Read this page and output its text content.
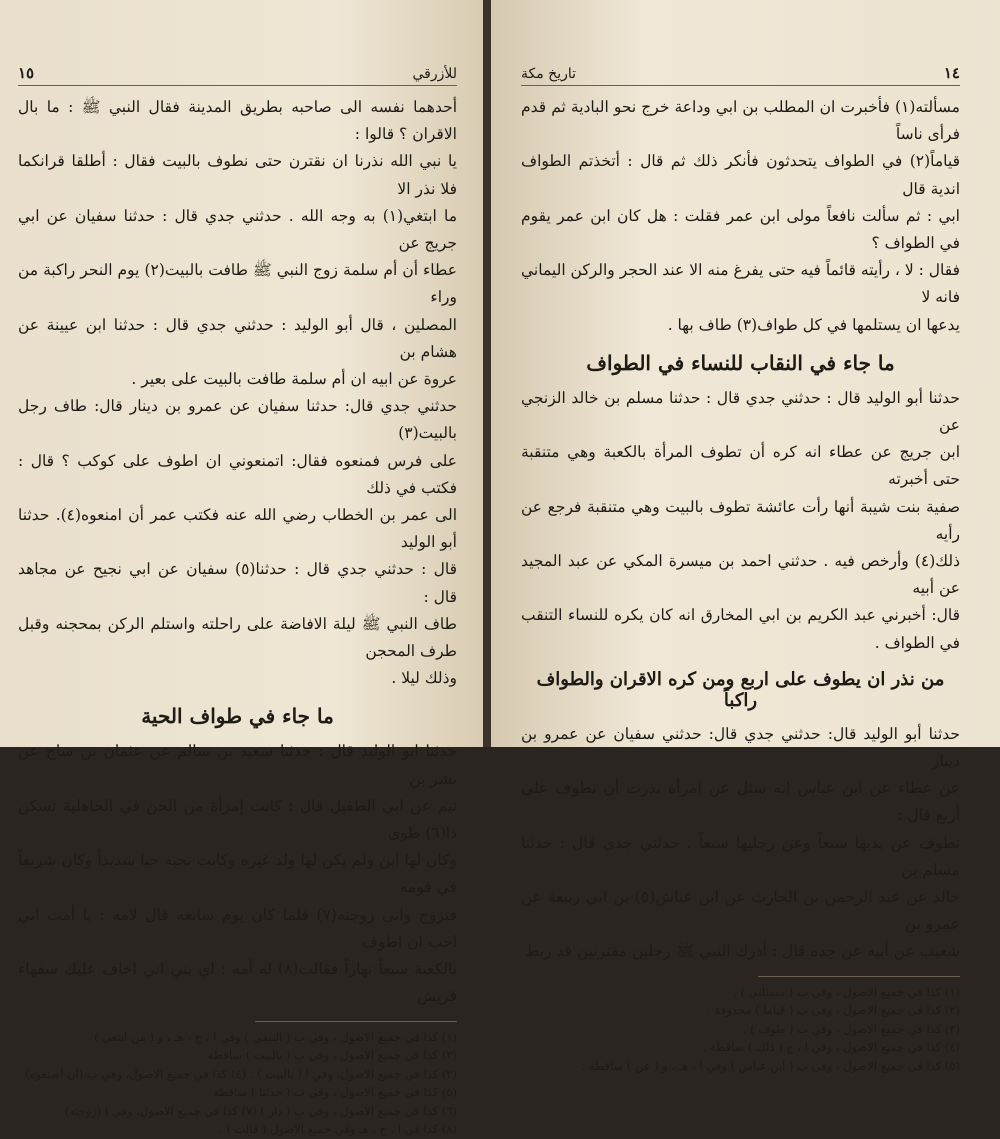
للأزرقي
١٥

أحدهما نفسه الى صاحبه بطريق المدينة فقال النبي ﷺ : ما بال الاقران ؟ قالوا :

يا نبي الله نذرنا ان نقترن حتى نطوف بالبيت فقال : أطلقا قرانكما فلا نذر الا

ما ابتغي(١) به وجه الله . حدثني جدي قال : حدثنا سفيان عن ابي جريج عن

عطاء أن أم سلمة زوج النبي ﷺ طافت بالبيت(٢) يوم النحر راكبة من وراء

المصلين ، قال أبو الوليد : حدثني جدي قال : حدثنا ابن عيينة عن هشام بن

عروة عن ابيه ان أم سلمة طافت بالبيت على بعير .

حدثني جدي قال: حدثنا سفيان عن عمرو بن دينار قال: طاف رجل بالبيت(٣)

على فرس فمنعوه فقال: اتمنعوني ان اطوف على كوكب ؟ قال : فكتب في ذلك

الى عمر بن الخطاب رضي الله عنه فكتب عمر أن امنعوه(٤). حدثنا أبو الوليد

قال : حدثني جدي قال : حدثنا(٥) سفيان عن ابي نجيح عن مجاهد قال :

طاف النبي ﷺ ليلة الافاضة على راحلته واستلم الركن بمحجنه وقبل طرف المحجن

وذلك ليلا .

ما جاء في طواف الحية

حدثنا ابو الوليد قال : حدثنا سعيد بن سالم عن عثمان بن ساج عن بشر بن

تيم عن ابي الطفيل قال : كانت إمرأة من الجن في الجاهلية تسكن ذا(٦) طوى

وكان لها ابن ولم يكن لها ولد غيره وكانت تحبه حبا شديداً وكان شريفاً في قومه

فتزوج واتى زوجته(٧) فلما كان يوم سابعه قال لامه : يا أمت اني احب ان اطوف

بالكعبة سبعاً نهاراً فقالت(٨) له أمه : اي بني اني اخاف عليك سفهاء قريش

(١) كذا في جميع الاصول ، وفي ب ( التيمي ) وفي ا ، ج ، هـ ، و ( من ابتغي )
(٢) كذا في جميع الاصول ، وفي ب ( بالبيت ) ساقطة .
(٣) كذا في جميع الاصول، وفي ا ( بالبيت ) . (٤) كذا في جميع الاصول، وفي ب (أن أصنعوه)
(٥) كذا في جميع الاصول ، وفي ب ( حدثنا ) ساقطة
(٦) كذا في جميع الاصول ، وفي ب ( دار ) (٧) كذا في جميع الاصول، وفي ا (زوجته)
(٨) كذا في ا ، ج ، هـ وفي جميع الاصول ( قالت ) .
١٤
تاريخ مكة

مسألته(١) فأخبرت ان المطلب بن ابي وداعة خرج نحو البادية ثم قدم فرأى ناساً

قياماً(٢) في الطواف يتحدثون فأنكر ذلك ثم قال : أتخذتم الطواف اندية قال

ابي : ثم سألت نافعاً مولى ابن عمر فقلت : هل كان ابن عمر يقوم في الطواف ؟

فقال : لا ، رأيته قائماً فيه حتى يفرغ منه الا عند الحجر والركن اليماني فانه لا

يدعها ان يستلمها في كل طواف(٣) طاف بها .

ما جاء في النقاب للنساء في الطواف

حدثنا أبو الوليد قال : حدثني جدي قال : حدثنا مسلم بن خالد الزنجي عن

ابن جريج عن عطاء انه كره أن تطوف المرأة بالكعبة وهي متنقبة حتى أخبرته

صفية بنت شيبة أنها رأت عائشة تطوف بالبيت وهي متنقبة فرجع عن رأيه

ذلك(٤) وأرخص فيه . حدثني احمد بن ميسرة المكي عن عبد المجيد عن أبيه

قال: أخبرني عبد الكريم بن ابي المخارق انه كان يكره للنساء التنقب في الطواف .

من نذر ان يطوف على اربع ومن كره الاقران والطواف راكباً

حدثنا أبو الوليد قال: حدثني جدي قال: حدثني سفيان عن عمرو بن دينار

عن عطاء عن ابن عباس انه سئل عن امرأة نذرت أن تطوف على أربع قال :

تطوف عن يديها سبعاً وعن رجليها سبعاً . حدثني جدي قال : حدثنا مسلم بن

خالد عن عبد الرحمن بن الحارث عن ابن عياش(٥) بن ابي ربيعة عن عمرو بن

شعيب عن أبيه عن جده قال : أدرك النبي ﷺ رجلين مقترنين قد ربط

(١) كذا في جميع الاصول ، وفي ب ( مسئلتي ) .
(٢) كذا في جميع الاصول ، وفي ب ( قياما ) محذوفة .
(٣) كذا في جميع الاصول ، وفي ب ( طوف ) .
(٤) كذا في جميع الاصول ، وفي ا ، ج ( ذلك ) ساقطة .
(٥) كذا في جميع الاصول ، وفي ب ( ابن عباس ) وفي ا ، هـ ، و ( عن ) ساقطة .
